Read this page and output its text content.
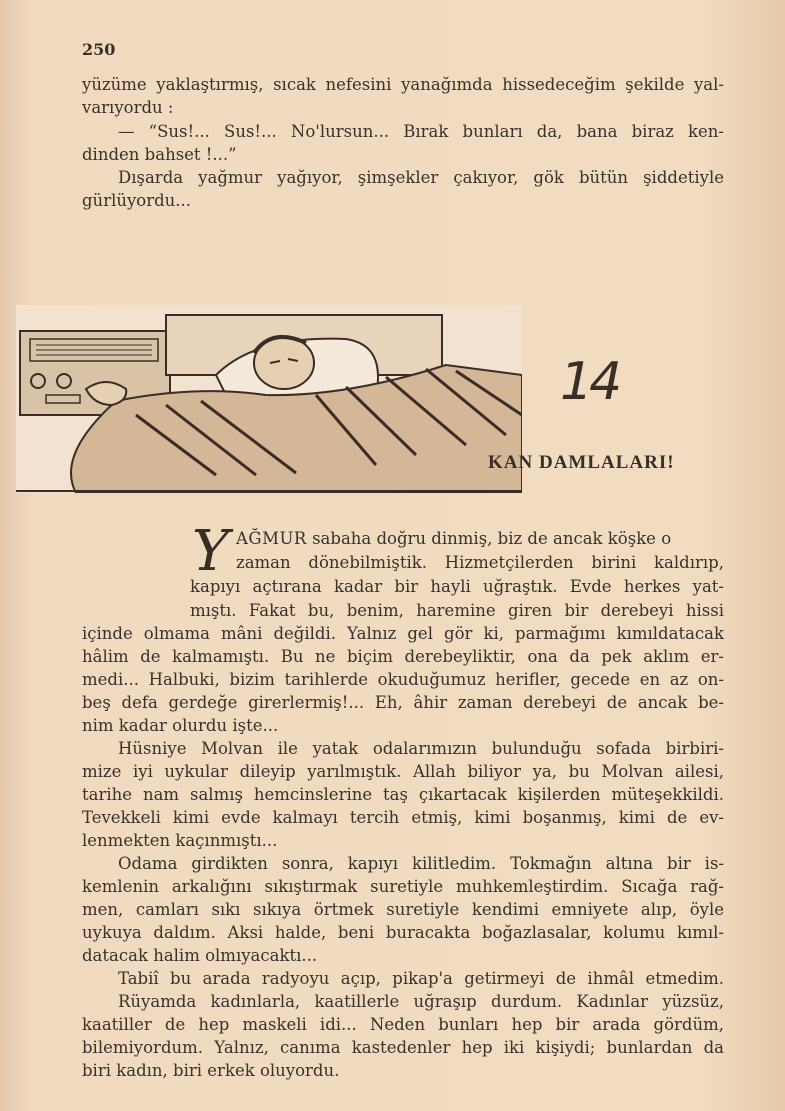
250
yüzüme yaklaştırmış, sıcak nefesini yanağımda hissedeceğim şekilde yal-
varıyordu :
— “Sus!... Sus!... No'lursun... Bırak bunları da, bana biraz ken-
dinden bahset !...”
Dışarda yağmur yağıyor, şimşekler çakıyor, gök bütün şiddetiyle
gürlüyordu...
14
KAN DAMLALARI!
Y AĞMUR sabaha doğru dinmiş, biz de ancak köşke o
zaman dönebilmiştik. Hizmetçilerden birini kaldırıp,
kapıyı açtırana kadar bir hayli uğraştık. Evde herkes yat-
mıştı. Fakat bu, benim, haremine giren bir derebeyi hissi
içinde olmama mâni değildi. Yalnız gel gör ki, parmağımı kımıldatacak
hâlim de kalmamıştı. Bu ne biçim derebeyliktir, ona da pek aklım er-
medi... Halbuki, bizim tarihlerde okuduğumuz herifler, gecede en az on-
beş defa gerdeğe girerlermiş!... Eh, âhir zaman derebeyi de ancak be-
nim kadar olurdu işte...
Hüsniye Molvan ile yatak odalarımızın bulunduğu sofada birbiri-
mize iyi uykular dileyip yarılmıştık. Allah biliyor ya, bu Molvan ailesi,
tarihe nam salmış hemcinslerine taş çıkartacak kişilerden müteşekkildi.
Tevekkeli kimi evde kalmayı tercih etmiş, kimi boşanmış, kimi de ev-
lenmekten kaçınmıştı...
Odama girdikten sonra, kapıyı kilitledim. Tokmağın altına bir is-
kemlenin arkalığını sıkıştırmak suretiyle muhkemleştirdim. Sıcağa rağ-
men, camları sıkı sıkıya örtmek suretiyle kendimi emniyete alıp, öyle
uykuya daldım. Aksi halde, beni buracakta boğazlasalar, kolumu kımıl-
datacak halim olmıyacaktı...
Tabiî bu arada radyoyu açıp, pikap'a getirmeyi de ihmâl etmedim.
Rüyamda kadınlarla, kaatillerle uğraşıp durdum. Kadınlar yüzsüz,
kaatiller de hep maskeli idi... Neden bunları hep bir arada gördüm,
bilemiyordum. Yalnız, canıma kastedenler hep iki kişiydi; bunlardan da
biri kadın, biri erkek oluyordu.
